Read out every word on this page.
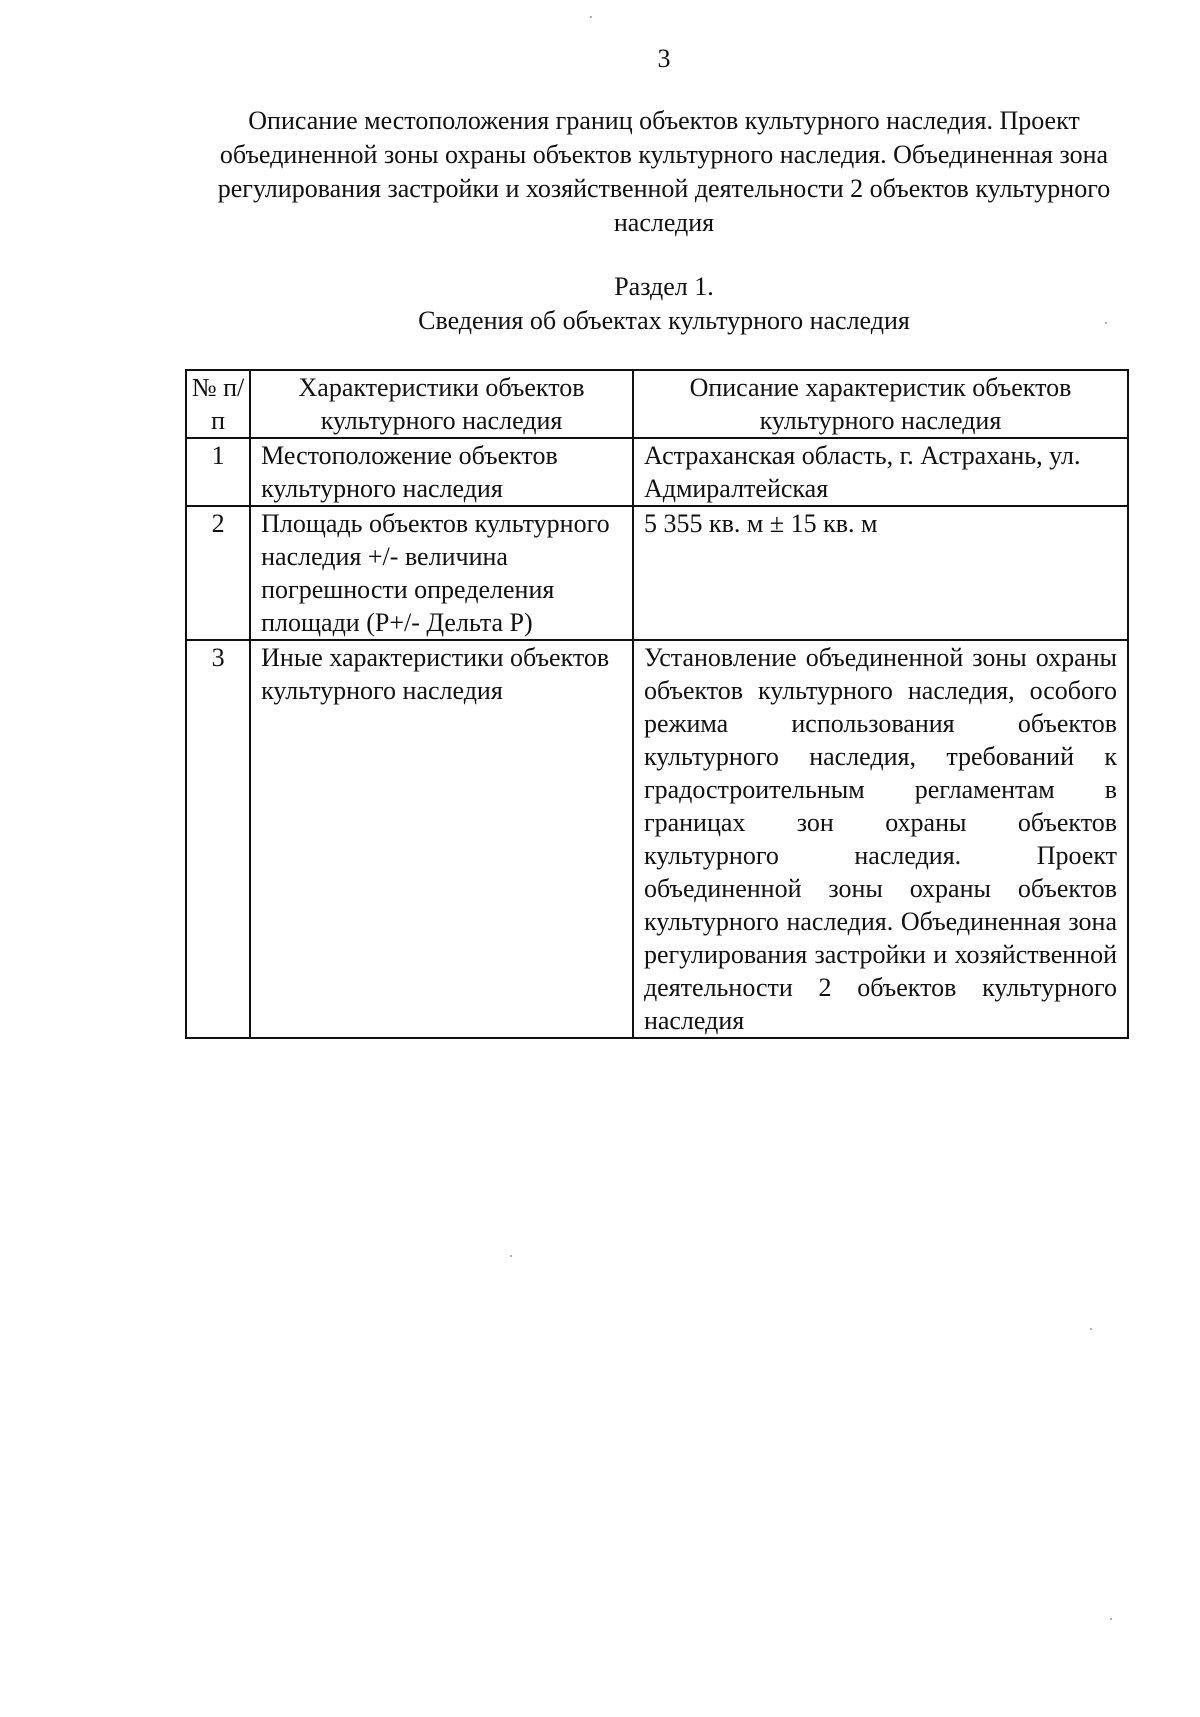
3
Описание местоположения границ объектов культурного наследия. Проект объединенной зоны охраны объектов культурного наследия. Объединенная зона регулирования застройки и хозяйственной деятельности 2 объектов культурного наследия
Раздел 1.
Сведения об объектах культурного наследия
№ п/п	Характеристики объектов культурного наследия	Описание характеристик объектов культурного наследия
1	Местоположение объектов культурного наследия	Астраханская область, г. Астрахань, ул. Адмиралтейская
2	Площадь объектов культурного наследия +/- величина погрешности определения площади (Р+/- Дельта Р)	5 355 кв. м ± 15 кв. м
3	Иные характеристики объектов культурного наследия	Установление объединенной зоны охраны объектов культурного наследия, особого режима использования объектов культурного наследия, требований к градостроительным регламентам в границах зон охраны объектов культурного наследия. Проект объединенной зоны охраны объектов культурного наследия. Объединенная зона регулирования застройки и хозяйственной деятельности 2 объектов культурного наследия
